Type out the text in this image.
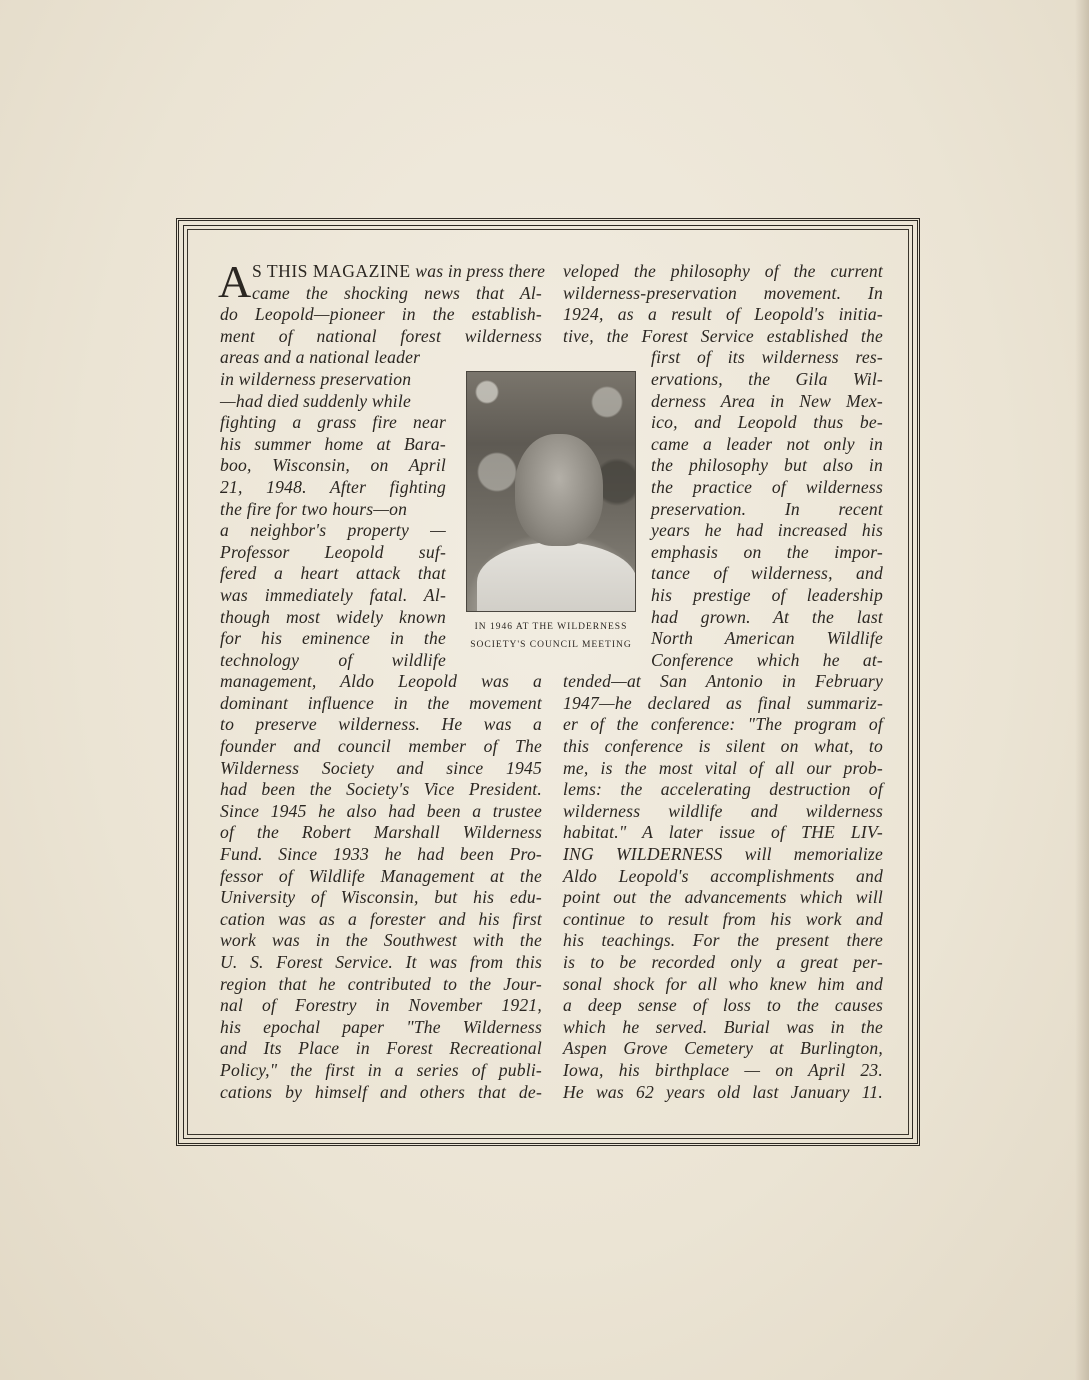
A S THIS MAGAZINE was in press there
came the shocking news that Al-
do Leopold—pioneer in the establish-
ment of national forest wilderness
areas and a national leader
in wilderness preservation
—had died suddenly while
fighting a grass fire near
his summer home at Bara-
boo, Wisconsin, on April
21, 1948. After fighting
the fire for two hours—on
a neighbor's property —
Professor Leopold suf-
fered a heart attack that
was immediately fatal. Al-
though most widely known
for his eminence in the
technology of wildlife
management, Aldo Leopold was a
dominant influence in the movement
to preserve wilderness. He was a
founder and council member of The
Wilderness Society and since 1945
had been the Society's Vice President.
Since 1945 he also had been a trustee
of the Robert Marshall Wilderness
Fund. Since 1933 he had been Pro-
fessor of Wildlife Management at the
University of Wisconsin, but his edu-
cation was as a forester and his first
work was in the Southwest with the
U. S. Forest Service. It was from this
region that he contributed to the Jour-
nal of Forestry in November 1921,
his epochal paper "The Wilderness
and Its Place in Forest Recreational
Policy," the first in a series of publi-
cations by himself and others that de-
veloped the philosophy of the current
wilderness-preservation movement. In
1924, as a result of Leopold's initia-
tive, the Forest Service established the
first of its wilderness res-
ervations, the Gila Wil-
derness Area in New Mex-
ico, and Leopold thus be-
came a leader not only in
the philosophy but also in
the practice of wilderness
preservation. In recent
years he had increased his
emphasis on the impor-
tance of wilderness, and
his prestige of leadership
had grown. At the last
North American Wildlife
Conference which he at-
tended—at San Antonio in February
1947—he declared as final summariz-
er of the conference: "The program of
this conference is silent on what, to
me, is the most vital of all our prob-
lems: the accelerating destruction of
wilderness wildlife and wilderness
habitat." A later issue of THE LIV-
ING WILDERNESS will memorialize
Aldo Leopold's accomplishments and
point out the advancements which will
continue to result from his work and
his teachings. For the present there
is to be recorded only a great per-
sonal shock for all who knew him and
a deep sense of loss to the causes
which he served. Burial was in the
Aspen Grove Cemetery at Burlington,
Iowa, his birthplace — on April 23.
He was 62 years old last January 11.
IN 1946 AT THE WILDERNESS
SOCIETY'S COUNCIL MEETING
